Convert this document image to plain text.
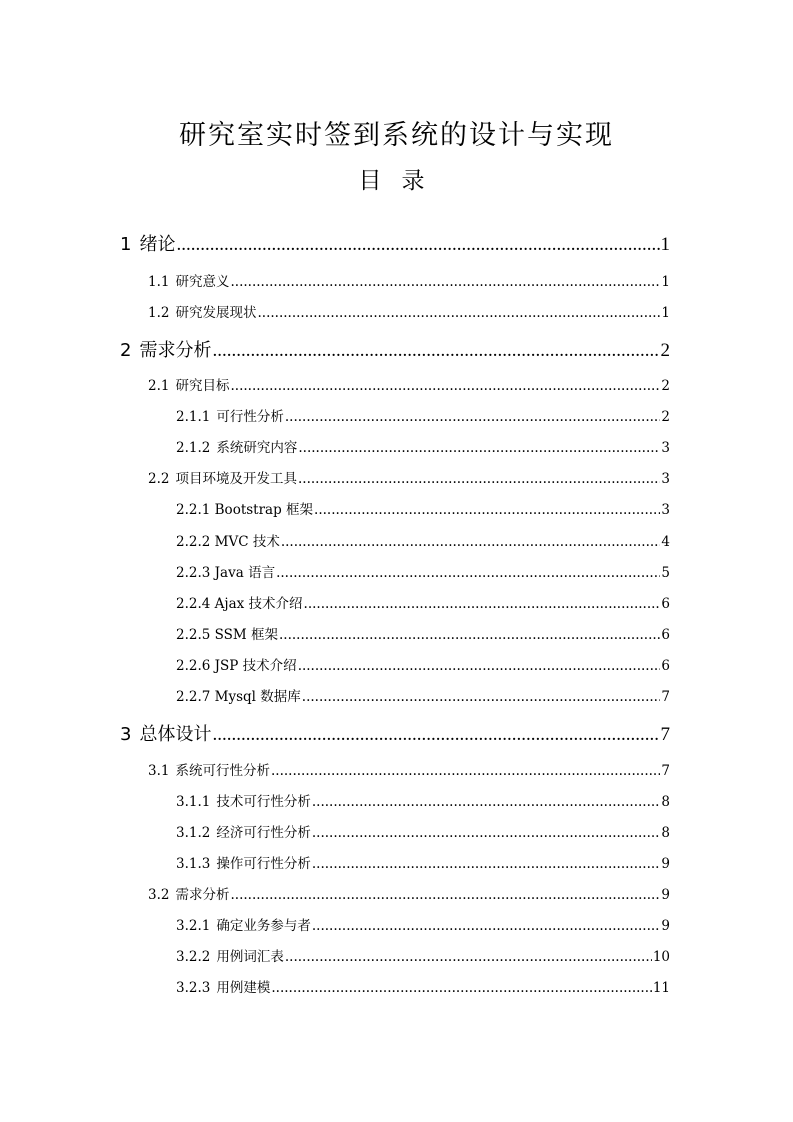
研究室实时签到系统的设计与实现
目录
1 绪论 .....	1
1.1 研究意义 .....	1
1.2 研究发展现状 .....	1
2 需求分析 .....	2
2.1 研究目标 .....	2
2.1.1 可行性分析 .....	2
2.1.2 系统研究内容 .....	3
2.2 项目环境及开发工具 .....	3
2.2.1 Bootstrap 框架 .....	3
2.2.2 MVC 技术 .....	4
2.2.3 Java 语言 .....	5
2.2.4 Ajax 技术介绍 .....	6
2.2.5 SSM 框架 .....	6
2.2.6 JSP 技术介绍 .....	6
2.2.7 Mysql 数据库 .....	7
3 总体设计 .....	7
3.1 系统可行性分析 .....	7
3.1.1 技术可行性分析 .....	8
3.1.2 经济可行性分析 .....	8
3.1.3 操作可行性分析 .....	9
3.2 需求分析 .....	9
3.2.1 确定业务参与者 .....	9
3.2.2 用例词汇表 .....	10
3.2.3 用例建模 .....	11
